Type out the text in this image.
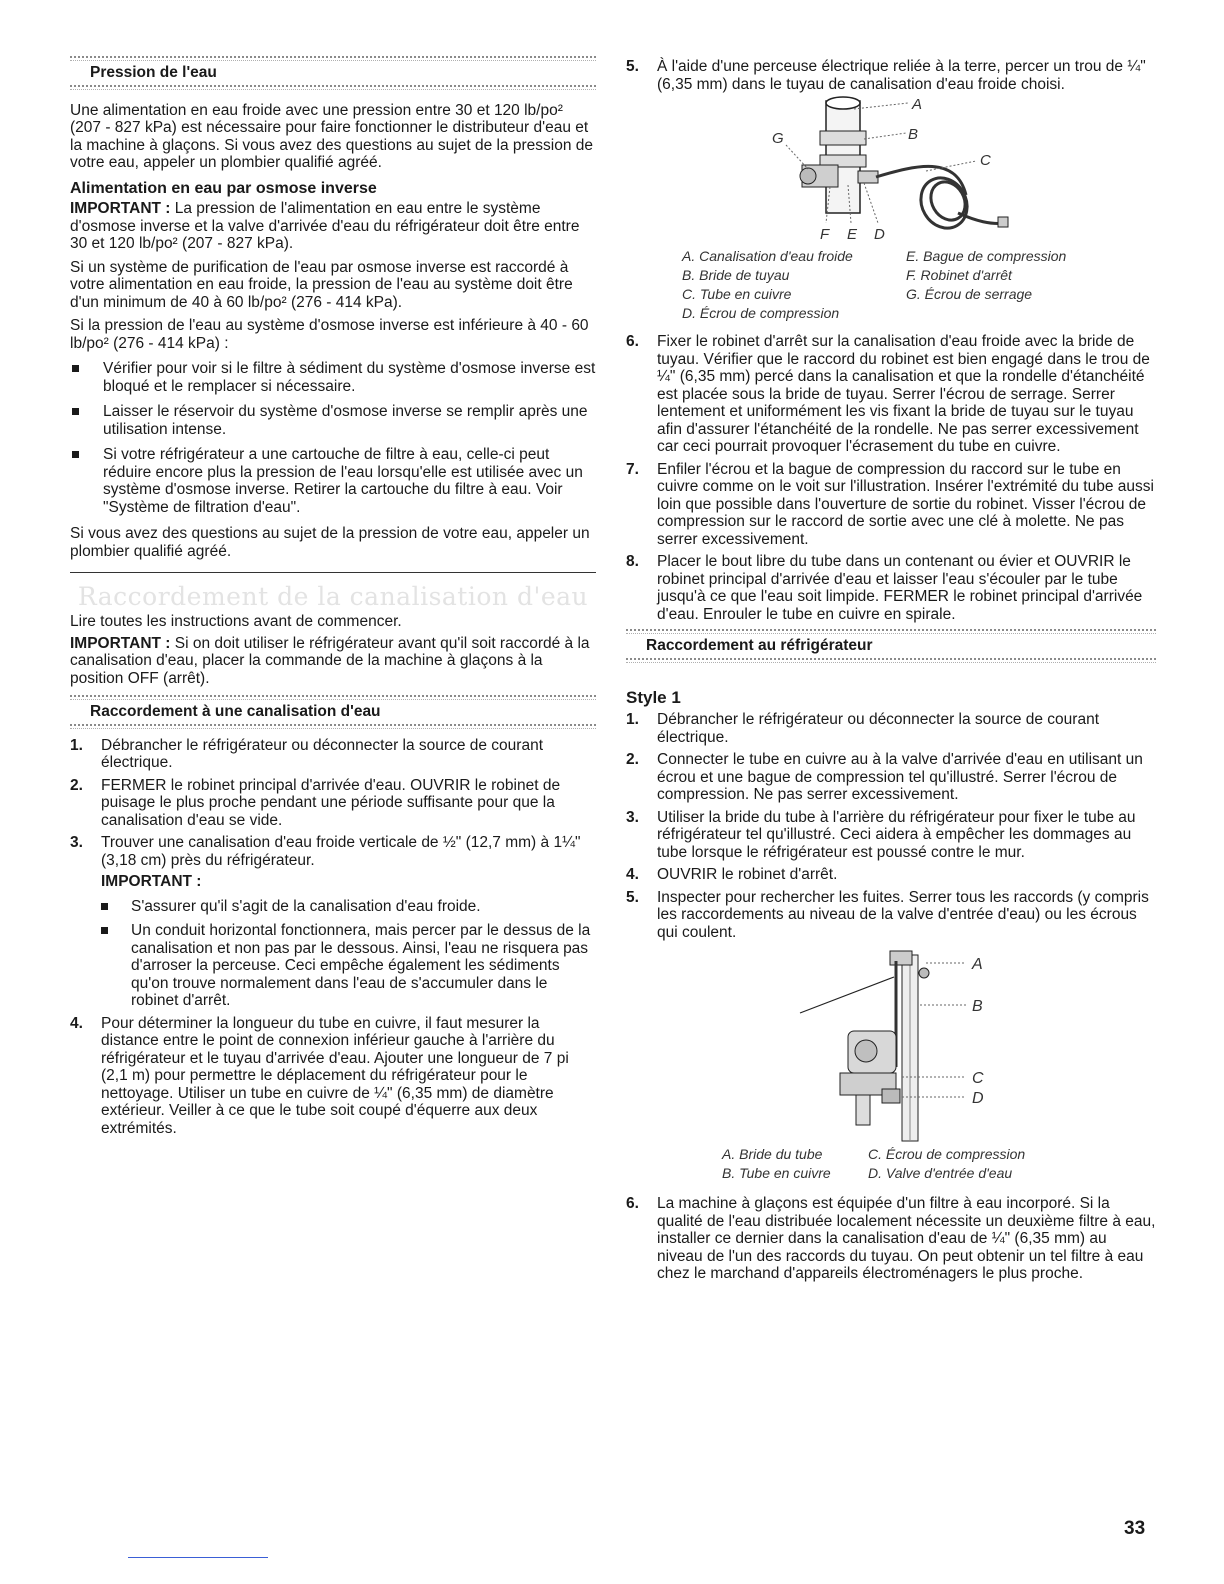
Pression de l'eau

Une alimentation en eau froide avec une pression entre 30 et 120 lb/po² (207 - 827 kPa) est nécessaire pour faire fonctionner le distributeur d'eau et la machine à glaçons. Si vous avez des questions au sujet de la pression de votre eau, appeler un plombier qualifié agréé.

Alimentation en eau par osmose inverse

IMPORTANT : La pression de l'alimentation en eau entre le système d'osmose inverse et la valve d'arrivée d'eau du réfrigérateur doit être entre 30 et 120 lb/po² (207 - 827 kPa).

Si un système de purification de l'eau par osmose inverse est raccordé à votre alimentation en eau froide, la pression de l'eau au système doit être d'un minimum de 40 à 60 lb/po² (276 - 414 kPa).

Si la pression de l'eau au système d'osmose inverse est inférieure à 40 - 60 lb/po² (276 - 414 kPa) :

Vérifier pour voir si le filtre à sédiment du système d'osmose inverse est bloqué et le remplacer si nécessaire.
Laisser le réservoir du système d'osmose inverse se remplir après une utilisation intense.
Si votre réfrigérateur a une cartouche de filtre à eau, celle-ci peut réduire encore plus la pression de l'eau lorsqu'elle est utilisée avec un système d'osmose inverse. Retirer la cartouche du filtre à eau. Voir "Système de filtration d'eau".

Si vous avez des questions au sujet de la pression de votre eau, appeler un plombier qualifié agréé.

Raccordement de la canalisation d'eau

Lire toutes les instructions avant de commencer.

IMPORTANT : Si on doit utiliser le réfrigérateur avant qu'il soit raccordé à la canalisation d'eau, placer la commande de la machine à glaçons à la position OFF (arrêt).

Raccordement à une canalisation d'eau
1. Débrancher le réfrigérateur ou déconnecter la source de courant électrique.
2. FERMER le robinet principal d'arrivée d'eau. OUVRIR le robinet de puisage le plus proche pendant une période suffisante pour que la canalisation d'eau se vide.
3. Trouver une canalisation d'eau froide verticale de ½" (12,7 mm) à 1¼" (3,18 cm) près du réfrigérateur.
IMPORTANT :
S'assurer qu'il s'agit de la canalisation d'eau froide.
Un conduit horizontal fonctionnera, mais percer par le dessus de la canalisation et non pas par le dessous. Ainsi, l'eau ne risquera pas d'arroser la perceuse. Ceci empêche également les sédiments qu'on trouve normalement dans l'eau de s'accumuler dans le robinet d'arrêt.
4. Pour déterminer la longueur du tube en cuivre, il faut mesurer la distance entre le point de connexion inférieur gauche à l'arrière du réfrigérateur et le tuyau d'arrivée d'eau. Ajouter une longueur de 7 pi (2,1 m) pour permettre le déplacement du réfrigérateur pour le nettoyage. Utiliser un tube en cuivre de ¼" (6,35 mm) de diamètre extérieur. Veiller à ce que le tube soit coupé d'équerre aux deux extrémités.
5. À l'aide d'une perceuse électrique reliée à la terre, percer un trou de ¼" (6,35 mm) dans le tuyau de canalisation d'eau froide choisi.
A
B
C
D
E
F
G
A. Canalisation d'eau froide
B. Bride de tuyau
C. Tube en cuivre
D. Écrou de compression
E. Bague de compression
F. Robinet d'arrêt
G. Écrou de serrage
6. Fixer le robinet d'arrêt sur la canalisation d'eau froide avec la bride de tuyau. Vérifier que le raccord du robinet est bien engagé dans le trou de ¼" (6,35 mm) percé dans la canalisation et que la rondelle d'étanchéité est placée sous la bride de tuyau. Serrer l'écrou de serrage. Serrer lentement et uniformément les vis fixant la bride de tuyau sur le tuyau afin d'assurer l'étanchéité de la rondelle. Ne pas serrer excessivement car ceci pourrait provoquer l'écrasement du tube en cuivre.
7. Enfiler l'écrou et la bague de compression du raccord sur le tube en cuivre comme on le voit sur l'illustration. Insérer l'extrémité du tube aussi loin que possible dans l'ouverture de sortie du robinet. Visser l'écrou de compression sur le raccord de sortie avec une clé à molette. Ne pas serrer excessivement.
8. Placer le bout libre du tube dans un contenant ou évier et OUVRIR le robinet principal d'arrivée d'eau et laisser l'eau s'écouler par le tube jusqu'à ce que l'eau soit limpide. FERMER le robinet principal d'arrivée d'eau. Enrouler le tube en cuivre en spirale.
Raccordement au réfrigérateur
Style 1
1. Débrancher le réfrigérateur ou déconnecter la source de courant électrique.
2. Connecter le tube en cuivre au à la valve d'arrivée d'eau en utilisant un écrou et une bague de compression tel qu'illustré. Serrer l'écrou de compression. Ne pas serrer excessivement.
3. Utiliser la bride du tube à l'arrière du réfrigérateur pour fixer le tube au réfrigérateur tel qu'illustré. Ceci aidera à empêcher les dommages au tube lorsque le réfrigérateur est poussé contre le mur.
4. OUVRIR le robinet d'arrêt.
5. Inspecter pour rechercher les fuites. Serrer tous les raccords (y compris les raccordements au niveau de la valve d'entrée d'eau) ou les écrous qui coulent.
A
B
C
D
A. Bride du tube
B. Tube en cuivre
C. Écrou de compression
D. Valve d'entrée d'eau
6. La machine à glaçons est équipée d'un filtre à eau incorporé. Si la qualité de l'eau distribuée localement nécessite un deuxième filtre à eau, installer ce dernier dans la canalisation d'eau de ¼" (6,35 mm) au niveau de l'un des raccords du tuyau. On peut obtenir un tel filtre à eau chez le marchand d'appareils électroménagers le plus proche.
33
